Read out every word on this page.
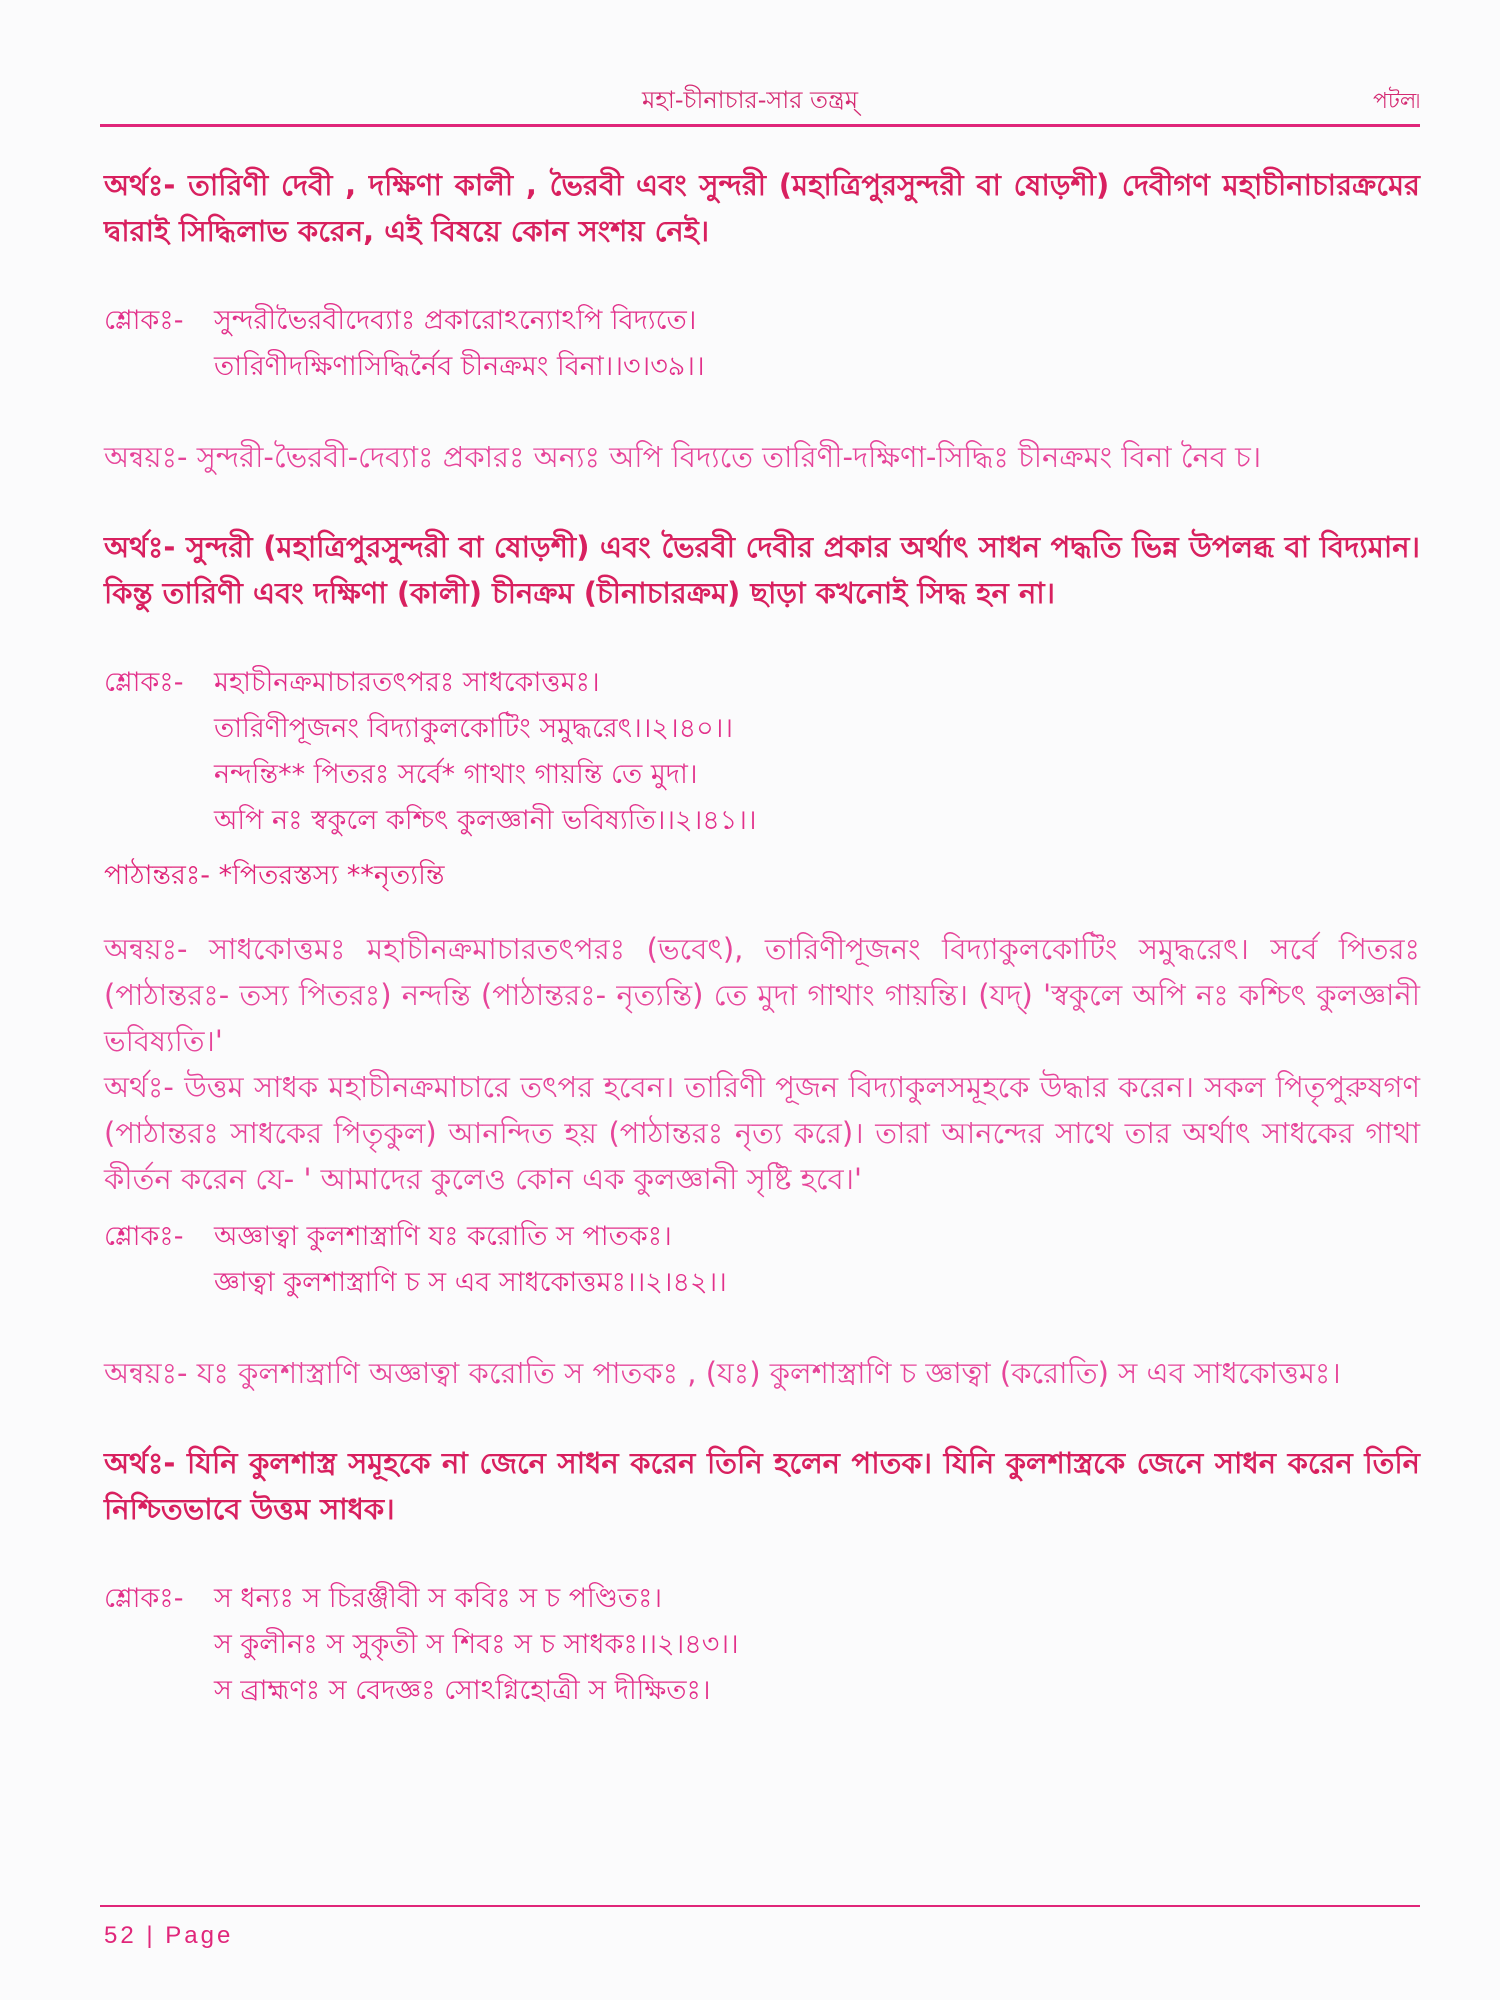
মহা-চীনাচার-সার তন্ত্রম্	পটল৷

অর্থঃ- তারিণী দেবী , দক্ষিণা কালী , ভৈরবী এবং সুন্দরী (মহাত্রিপুরসুন্দরী বা ষোড়শী) দেবীগণ মহাচীনাচারক্রমের দ্বারাই সিদ্ধিলাভ করেন, এই বিষয়ে কোন সংশয় নেই।

শ্লোকঃ-	সুন্দরীভৈরবীদেব্যাঃ প্রকারোঽন্যোঽপি বিদ্যতে।
তারিণীদক্ষিণাসিদ্ধির্নৈব চীনক্রমং বিনা।।৩।৩৯।।

অন্বয়ঃ- সুন্দরী-ভৈরবী-দেব্যাঃ প্রকারঃ অন্যঃ অপি বিদ্যতে তারিণী-দক্ষিণা-সিদ্ধিঃ চীনক্রমং বিনা নৈব চ।

অর্থঃ- সুন্দরী (মহাত্রিপুরসুন্দরী বা ষোড়শী) এবং ভৈরবী দেবীর প্রকার অর্থাৎ সাধন পদ্ধতি ভিন্ন উপলব্ধ বা বিদ্যমান। কিন্তু তারিণী এবং দক্ষিণা (কালী) চীনক্রম (চীনাচারক্রম) ছাড়া কখনোই সিদ্ধ হন না।

শ্লোকঃ-	মহাচীনক্রমাচারতৎপরঃ সাধকোত্তমঃ।
তারিণীপূজনং বিদ্যাকুলকোটিং সমুদ্ধরেৎ।।২।৪০।।
নন্দন্তি** পিতরঃ সর্বে* গাথাং গায়ন্তি তে মুদা।
অপি নঃ স্বকুলে কশ্চিৎ কুলজ্ঞানী ভবিষ্যতি।।২।৪১।।
পাঠান্তরঃ- *পিতরস্তস্য **নৃত্যন্তি

অন্বয়ঃ- সাধকোত্তমঃ মহাচীনক্রমাচারতৎপরঃ (ভবেৎ), তারিণীপূজনং বিদ্যাকুলকোটিং সমুদ্ধরেৎ। সর্বে পিতরঃ (পাঠান্তরঃ- তস্য পিতরঃ) নন্দন্তি (পাঠান্তরঃ- নৃত্যন্তি) তে মুদা গাথাং গায়ন্তি। (যদ্) 'স্বকুলে অপি নঃ কশ্চিৎ কুলজ্ঞানী ভবিষ্যতি।'

অর্থঃ- উত্তম সাধক মহাচীনক্রমাচারে তৎপর হবেন। তারিণী পূজন বিদ্যাকুলসমূহকে উদ্ধার করেন। সকল পিতৃপুরুষগণ (পাঠান্তরঃ সাধকের পিতৃকুল) আনন্দিত হয় (পাঠান্তরঃ নৃত্য করে)। তারা আনন্দের সাথে তার অর্থাৎ সাধকের গাথা কীর্তন করেন যে- ' আমাদের কুলেও কোন এক কুলজ্ঞানী সৃষ্টি হবে।'

শ্লোকঃ-	অজ্ঞাত্বা কুলশাস্ত্রাণি যঃ করোতি স পাতকঃ।
জ্ঞাত্বা কুলশাস্ত্রাণি চ স এব সাধকোত্তমঃ।।২।৪২।।

অন্বয়ঃ- যঃ কুলশাস্ত্রাণি অজ্ঞাত্বা করোতি স পাতকঃ , (যঃ) কুলশাস্ত্রাণি চ জ্ঞাত্বা (করোতি) স এব সাধকোত্তমঃ।

অর্থঃ- যিনি কুলশাস্ত্র সমূহকে না জেনে সাধন করেন তিনি হলেন পাতক। যিনি কুলশাস্ত্রকে জেনে সাধন করেন তিনি নিশ্চিতভাবে উত্তম সাধক।

শ্লোকঃ-	স ধন্যঃ স চিরঞ্জীবী স কবিঃ স চ পণ্ডিতঃ।
স কুলীনঃ স সুকৃতী স শিবঃ স চ সাধকঃ।।২।৪৩।।
স ব্রাহ্মণঃ স বেদজ্ঞঃ সোঽগ্নিহোত্রী স দীক্ষিতঃ।
52 | Page
